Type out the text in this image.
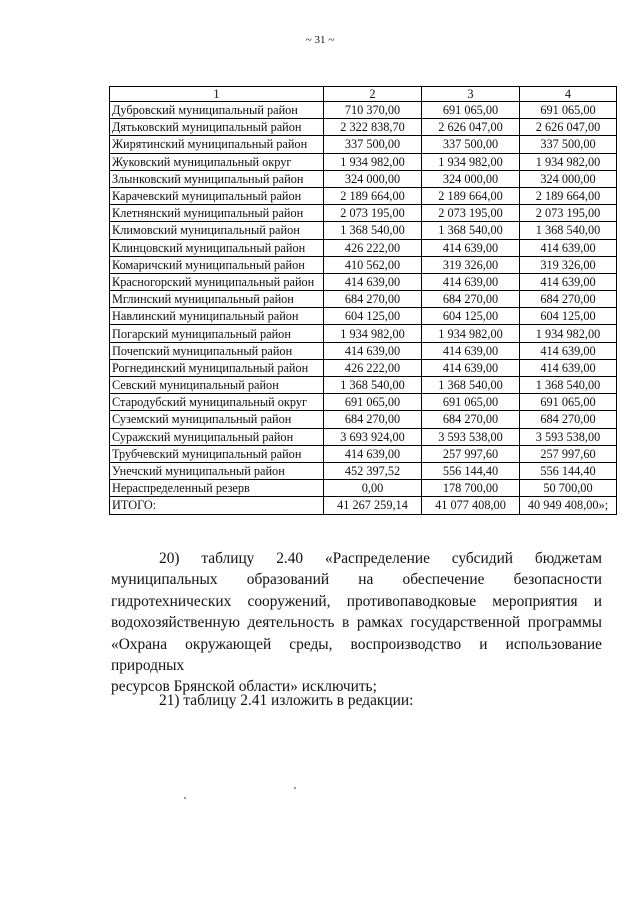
~ 31 ~
1	2	3	4
Дубровский муниципальный район	710 370,00	691 065,00	691 065,00
Дятьковский муниципальный район	2 322 838,70	2 626 047,00	2 626 047,00
Жирятинский муниципальный район	337 500,00	337 500,00	337 500,00
Жуковский муниципальный округ	1 934 982,00	1 934 982,00	1 934 982,00
Злынковский муниципальный район	324 000,00	324 000,00	324 000,00
Карачевский муниципальный район	2 189 664,00	2 189 664,00	2 189 664,00
Клетнянский муниципальный район	2 073 195,00	2 073 195,00	2 073 195,00
Климовский муниципальный район	1 368 540,00	1 368 540,00	1 368 540,00
Клинцовский муниципальный район	426 222,00	414 639,00	414 639,00
Комаричский муниципальный район	410 562,00	319 326,00	319 326,00
Красногорский муниципальный район	414 639,00	414 639,00	414 639,00
Мглинский муниципальный район	684 270,00	684 270,00	684 270,00
Навлинский муниципальный район	604 125,00	604 125,00	604 125,00
Погарский муниципальный район	1 934 982,00	1 934 982,00	1 934 982,00
Почепский муниципальный район	414 639,00	414 639,00	414 639,00
Рогнединский муниципальный район	426 222,00	414 639,00	414 639,00
Севский муниципальный район	1 368 540,00	1 368 540,00	1 368 540,00
Стародубский муниципальный округ	691 065,00	691 065,00	691 065,00
Суземский муниципальный район	684 270,00	684 270,00	684 270,00
Суражский муниципальный район	3 693 924,00	3 593 538,00	3 593 538,00
Трубчевский муниципальный район	414 639,00	257 997,60	257 997,60
Унечский муниципальный район	452 397,52	556 144,40	556 144,40
Нераспределенный резерв	0,00	178 700,00	50 700,00
ИТОГО:	41 267 259,14	41 077 408,00	40 949 408,00»;
20) таблицу 2.40 «Распределение субсидий бюджетам
муниципальных образований на обеспечение безопасности
гидротехнических сооружений, противопаводковые мероприятия и
водохозяйственную деятельность в рамках государственной программы
«Охрана окружающей среды, воспроизводство и использование природных
ресурсов Брянской области» исключить;
21) таблицу 2.41 изложить в редакции:
